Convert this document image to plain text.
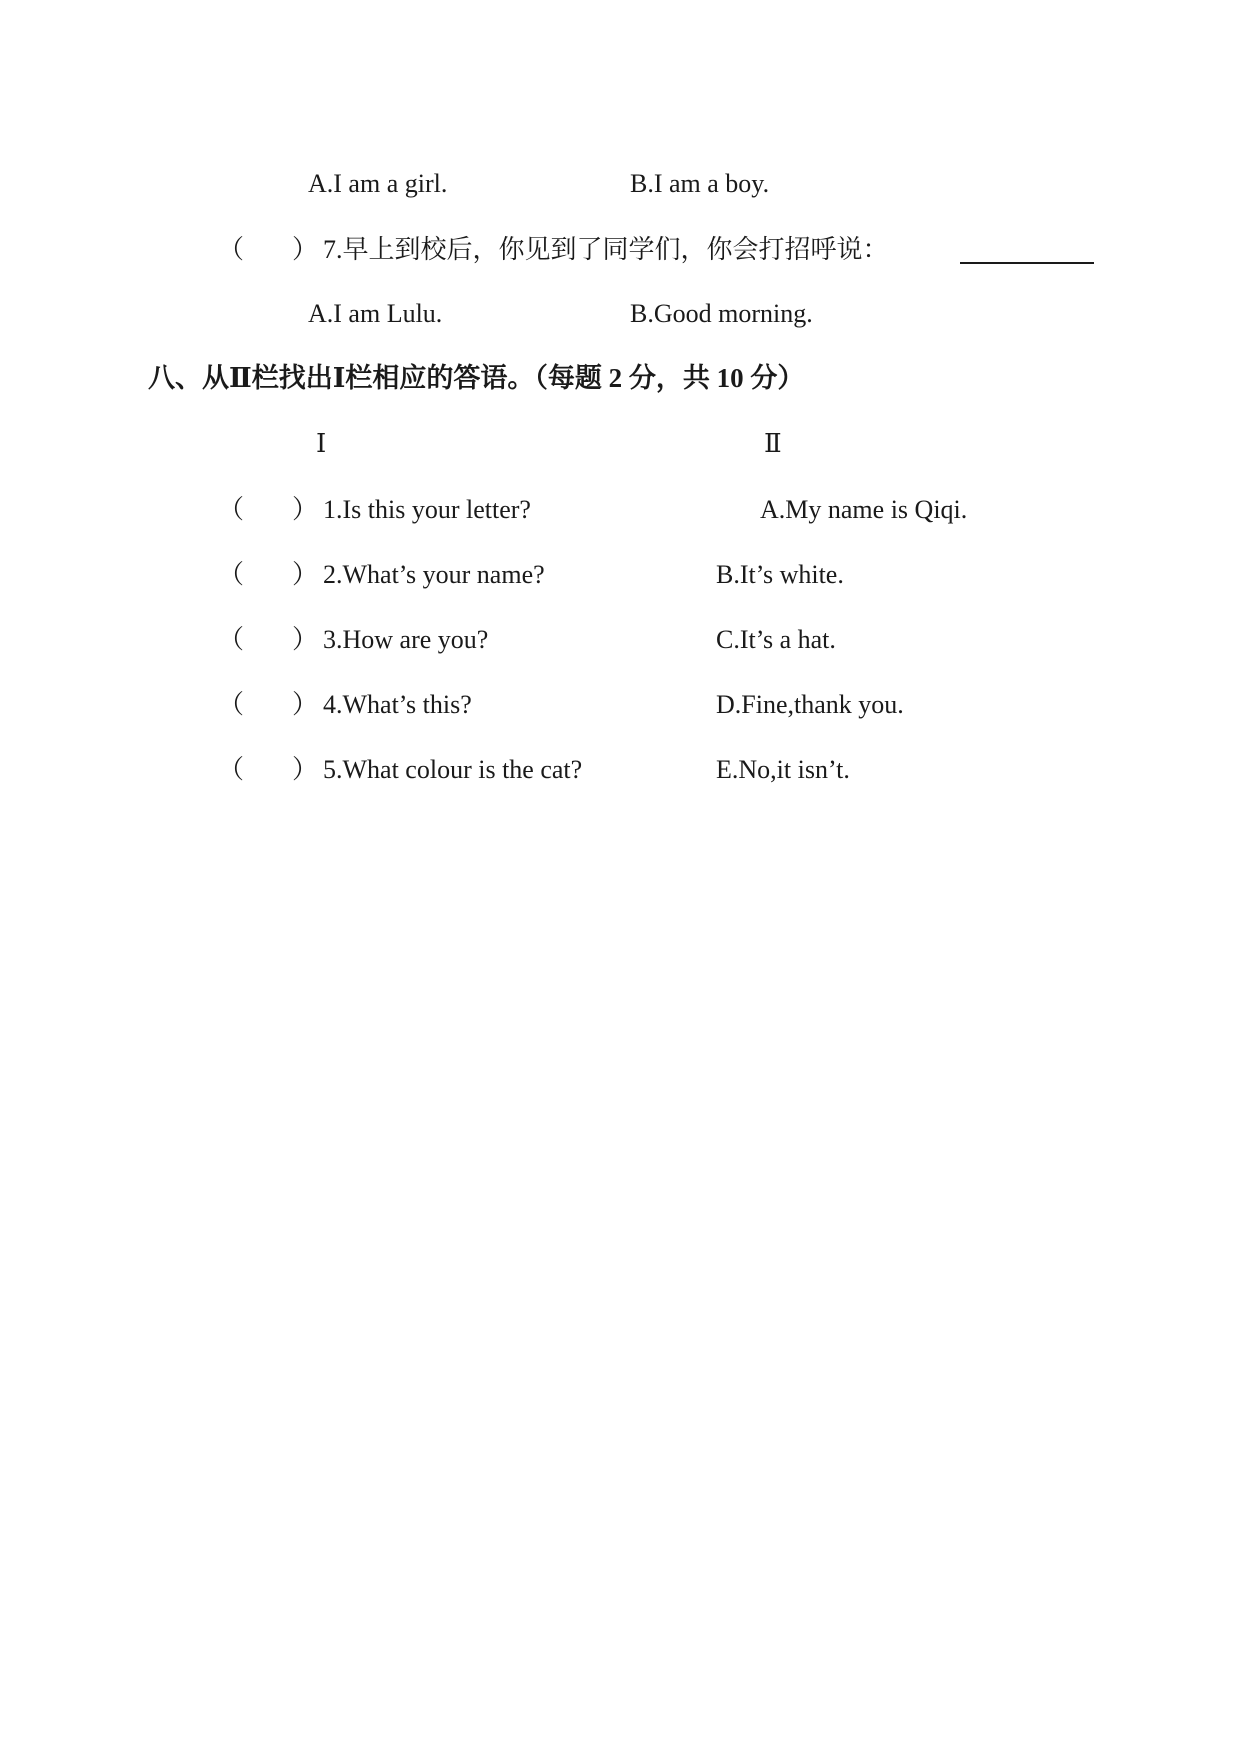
A.I am a girl.	B.I am a boy.
（ ） 7.早上到校后，你见到了同学们，你会打招呼说：
A.I am Lulu.	B.Good morning.
八、从Ⅱ栏找出Ⅰ栏相应的答语。（每题 2 分，共 10 分）
Ⅰ	Ⅱ
（ ） 1.Is this your letter?	A.My name is Qiqi.
（ ） 2.What’s your name?	B.It’s white.
（ ） 3.How are you?	C.It’s a hat.
（ ） 4.What’s this?	D.Fine,thank you.
（ ） 5.What colour is the cat?	E.No,it isn’t.
